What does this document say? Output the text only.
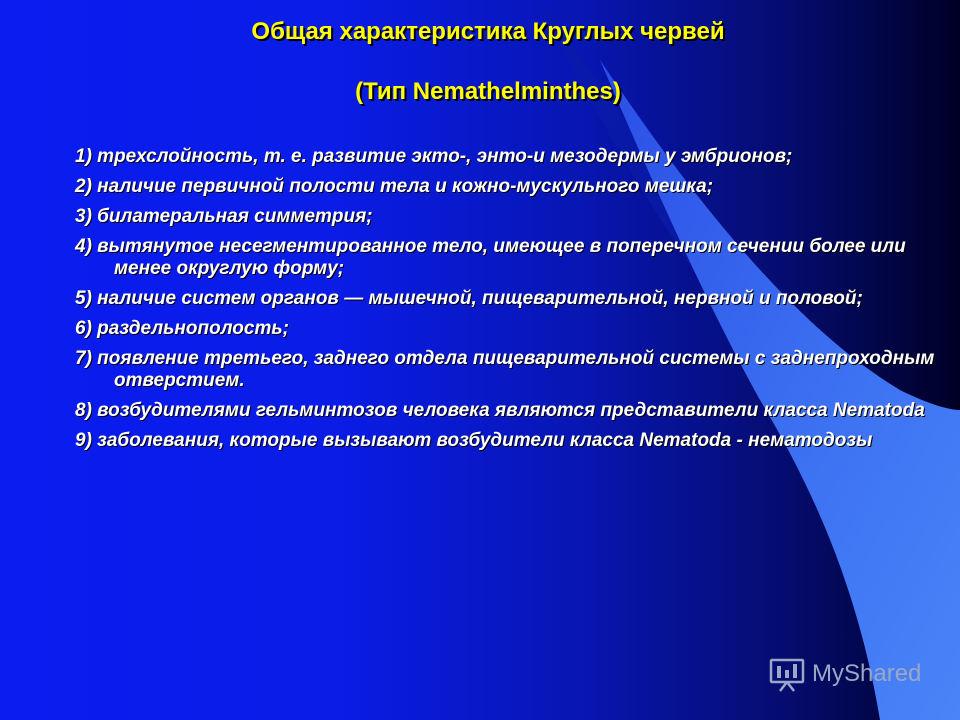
Общая характеристика Круглых червей
(Тип Nemathelminthes)
1) трехслойность, т. е. развитие экто-, энто-и мезодермы у эмбрионов;
2) наличие первичной полости тела и кожно-мускульного мешка;
3) билатеральная симметрия;
4) вытянутое несегментированное тело, имеющее в поперечном сечении более или менее округлую форму;
5) наличие систем органов — мышечной, пищеварительной, нервной и половой;
6) раздельнополость;
7) появление третьего, заднего отдела пищеварительной системы с заднепроходным отверстием.
8) возбудителями гельминтозов человека являются представители класса Nematoda
9) заболевания, которые вызывают возбудители класса Nematoda - нематодозы
MyShared
